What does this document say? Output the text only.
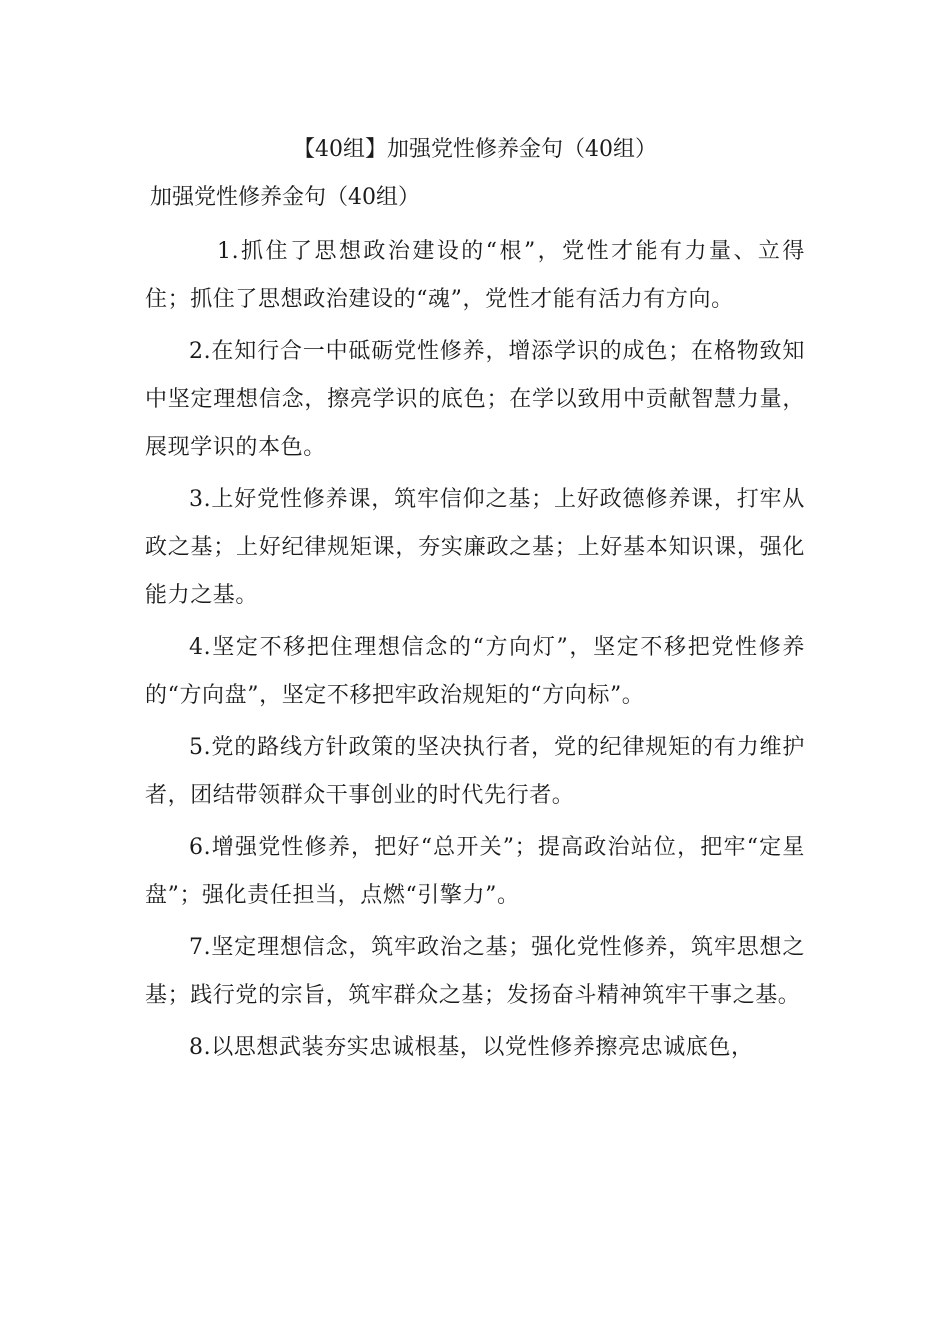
【40组】加强党性修养金句（40组）
加强党性修养金句（40组）

1.抓住了思想政治建设的“根”，党性才能有力量、立得住；抓住了思想政治建设的“魂”，党性才能有活力有方向。

2.在知行合一中砥砺党性修养，增添学识的成色；在格物致知中坚定理想信念，擦亮学识的底色；在学以致用中贡献智慧力量，展现学识的本色。

3.上好党性修养课，筑牢信仰之基；上好政德修养课，打牢从政之基；上好纪律规矩课，夯实廉政之基；上好基本知识课，强化能力之基。

4.坚定不移把住理想信念的“方向灯”，坚定不移把党性修养的“方向盘”，坚定不移把牢政治规矩的“方向标”。

5.党的路线方针政策的坚决执行者，党的纪律规矩的有力维护者，团结带领群众干事创业的时代先行者。

6.增强党性修养，把好“总开关”；提高政治站位，把牢“定星盘”；强化责任担当，点燃“引擎力”。

7.坚定理想信念，筑牢政治之基；强化党性修养，筑牢思想之基；践行党的宗旨，筑牢群众之基；发扬奋斗精神筑牢干事之基。

8.以思想武装夯实忠诚根基，以党性修养擦亮忠诚底色，
